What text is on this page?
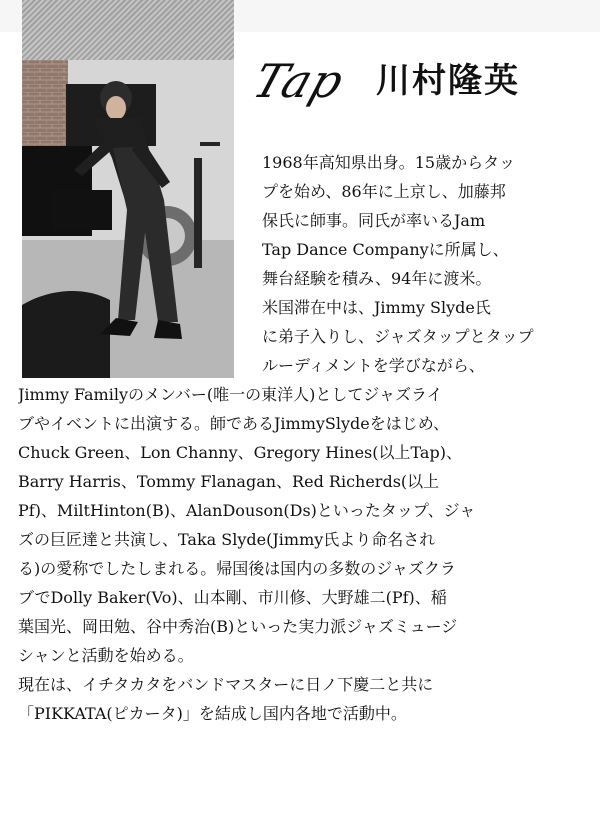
Tap 川村隆英
1968年高知県出身。15歳からタッ
プを始め、86年に上京し、加藤邦
保氏に師事。同氏が率いるJam
Tap Dance Companyに所属し、
舞台経験を積み、94年に渡米。
米国滞在中は、Jimmy Slyde氏
に弟子入りし、ジャズタップとタップ
ルーディメントを学びながら、
Jimmy Familyのメンバー(唯一の東洋人)としてジャズライ
ブやイベントに出演する。師であるJimmySlydeをはじめ、
Chuck Green、Lon Channy、Gregory Hines(以上Tap)、
Barry Harris、Tommy Flanagan、Red Richerds(以上
Pf)、MiltHinton(B)、AlanDouson(Ds)といったタップ、ジャ
ズの巨匠達と共演し、Taka Slyde(Jimmy氏より命名され
る)の愛称でしたしまれる。帰国後は国内の多数のジャズクラ
ブでDolly Baker(Vo)、山本剛、市川修、大野雄二(Pf)、稲
葉国光、岡田勉、谷中秀治(B)といった実力派ジャズミュージ
シャンと活動を始める。
現在は、イチタカタをバンドマスターに日ノ下慶二と共に
「PIKKATA(ピカータ)」を結成し国内各地で活動中。
